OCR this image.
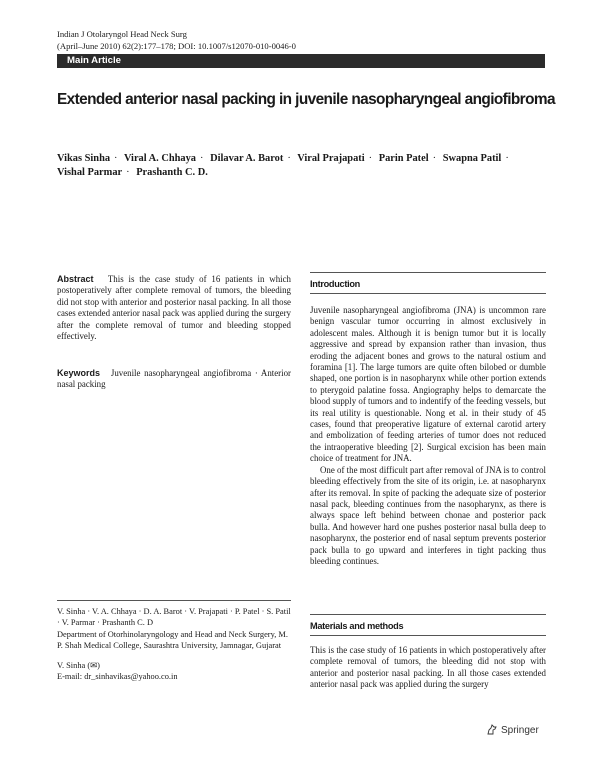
Indian J Otolaryngol Head Neck Surg
(April–June 2010) 62(2):177–178; DOI: 10.1007/s12070-010-0046-0
Main Article
Extended anterior nasal packing in juvenile nasopharyngeal angiofibroma
Vikas Sinha · Viral A. Chhaya · Dilavar A. Barot · Viral Prajapati · Parin Patel · Swapna Patil ·
Vishal Parmar · Prashanth C. D.
Abstract This is the case study of 16 patients in which postoperatively after complete removal of tumors, the bleeding did not stop with anterior and posterior nasal packing. In all those cases extended anterior nasal pack was applied during the surgery after the complete removal of tumor and bleeding stopped effectively.
Keywords Juvenile nasopharyngeal angiofibroma · Anterior nasal packing

V. Sinha · V. A. Chhaya · D. A. Barot · V. Prajapati · P. Patel · S. Patil · V. Parmar · Prashanth C. D

Department of Otorhinolaryngology and Head and Neck Surgery, M. P. Shah Medical College, Saurashtra University, Jamnagar, Gujarat

V. Sinha (✉)

E-mail: dr_sinhavikas@yahoo.co.in

Introduction

Juvenile nasopharyngeal angiofibroma (JNA) is uncommon rare benign vascular tumor occurring in almost exclusively in adolescent males. Although it is benign tumor but it is locally aggressive and spread by expansion rather than invasion, thus eroding the adjacent bones and grows to the natural ostium and foramina [1]. The large tumors are quite often bilobed or dumble shaped, one portion is in nasopharynx while other portion extends to pterygoid palatine fossa. Angiography helps to demarcate the blood supply of tumors and to indentify of the feeding vessels, but its real utility is questionable. Nong et al. in their study of 45 cases, found that preoperative ligature of external carotid artery and embolization of feeding arteries of tumor does not reduced the intraoperative bleeding [2]. Surgical excision has been main choice of treatment for JNA.

One of the most difficult part after removal of JNA is to control bleeding effectively from the site of its origin, i.e. at nasopharynx after its removal. In spite of packing the adequate size of posterior nasal pack, bleeding continues from the nasopharynx, as there is always space left behind between chonae and posterior pack bulla. And however hard one pushes posterior nasal bulla deep to nasopharynx, the posterior end of nasal septum prevents posterior pack bulla to go upward and interferes in tight packing thus bleeding continues.

Materials and methods

This is the case study of 16 patients in which postoperatively after complete removal of tumors, the bleeding did not stop with anterior and posterior nasal packing. In all those cases extended anterior nasal pack was applied during the surgery

Springer
